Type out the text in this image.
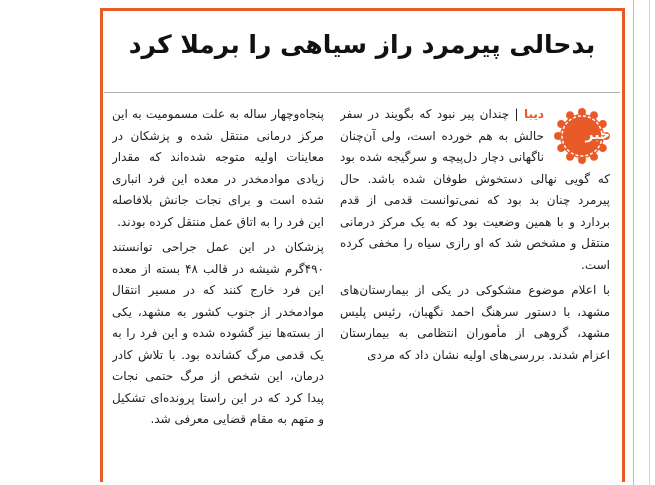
بدحالی پیرمرد راز سیاهی را برملا کرد
خبر

دیبا | چندان پیر نبود که بگویند در سفر حالش به هم خورده است، ولی آن‌چنان ناگهانی دچار دل‌پیچه و سرگیجه شده بود که گویی نهالی دستخوش طوفان شده باشد. حال پیرمرد چنان بد بود که نمی‌توانست قدمی از قدم بردارد و با همین وضعیت بود که به یک مرکز درمانی منتقل و مشخص شد که او رازی سیاه را مخفی کرده است.

با اعلام موضوع مشکوکی در یکی از بیمارستان‌های مشهد، با دستور سرهنگ احمد نگهبان، رئیس پلیس مشهد، گروهی از مأموران انتظامی به بیمارستان اعزام شدند. بررسی‌های اولیه نشان داد که مردی

پنجاه‌وچهار ساله به علت مسمومیت به این مرکز درمانی منتقل شده و پزشکان در معاینات اولیه متوجه شده‌اند که مقدار زیادی موادمخدر در معده این فرد انباری شده است و برای نجات جانش بلافاصله این فرد را به اتاق عمل منتقل کرده بودند.

پزشکان در این عمل جراحی توانستند ۴۹۰گرم شیشه در قالب ۴۸ بسته از معده این فرد خارج کنند که در مسیر انتقال موادمخدر از جنوب کشور به مشهد، یکی از بسته‌ها نیز گشوده شده و این فرد را به یک قدمی مرگ کشانده بود. با تلاش کادر درمان، این شخص از مرگ حتمی نجات پیدا کرد که در این راستا پرونده‌ای تشکیل و متهم به مقام قضایی معرفی شد.
